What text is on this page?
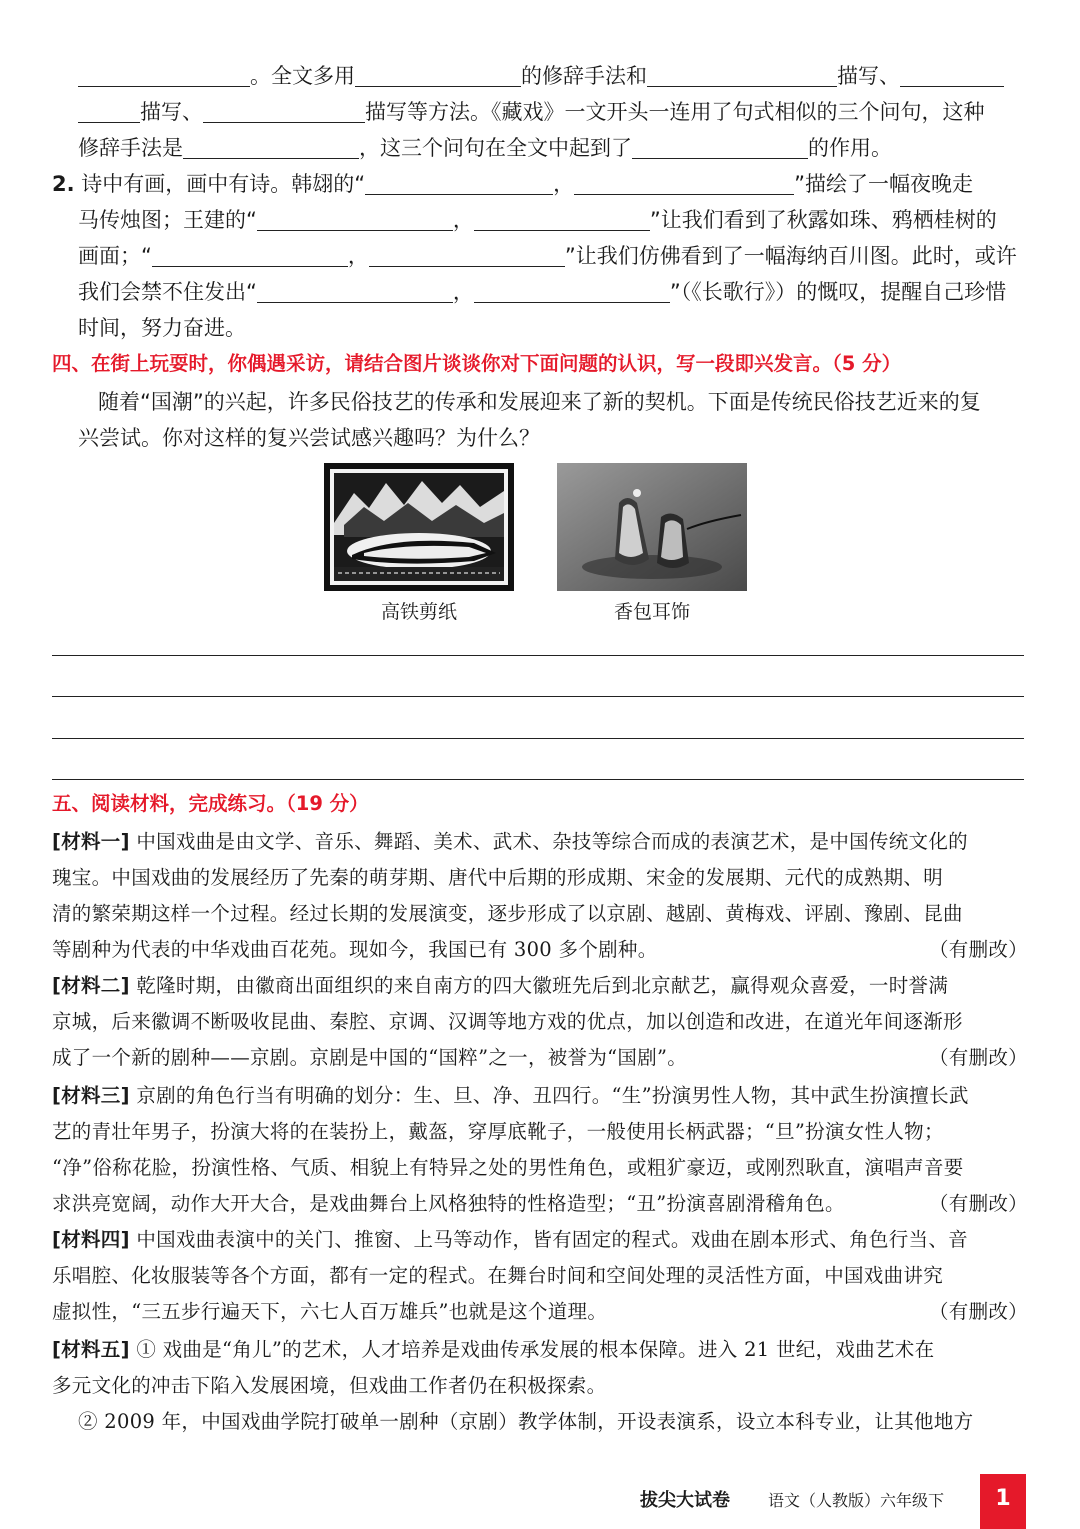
。全文多用	的修辞手法和	描写、
描写、	描写等方法。《藏戏》一文开头一连用了句式相似的三个问句，这种
修辞手法是	，这三个问句在全文中起到了	的作用。
2. 诗中有画，画中有诗。韩翃的“	，	”描绘了一幅夜晚走
马传烛图；王建的“	，	”让我们看到了秋露如珠、鸦栖桂树的
画面；“	，	”让我们仿佛看到了一幅海纳百川图。此时，或许
我们会禁不住发出“	，	”（《长歌行》）的慨叹，提醒自己珍惜
时间，努力奋进。
四、在街上玩耍时，你偶遇采访，请结合图片谈谈你对下面问题的认识，写一段即兴发言。（5 分）
随着“国潮”的兴起，许多民俗技艺的传承和发展迎来了新的契机。下面是传统民俗技艺近来的复
兴尝试。你对这样的复兴尝试感兴趣吗？为什么？
高铁剪纸	香包耳饰
五、阅读材料，完成练习。（19 分）
[材料一] 中国戏曲是由文学、音乐、舞蹈、美术、武术、杂技等综合而成的表演艺术，是中国传统文化的
瑰宝。中国戏曲的发展经历了先秦的萌芽期、唐代中后期的形成期、宋金的发展期、元代的成熟期、明
清的繁荣期这样一个过程。经过长期的发展演变，逐步形成了以京剧、越剧、黄梅戏、评剧、豫剧、昆曲
等剧种为代表的中华戏曲百花苑。现如今，我国已有 300 多个剧种。	（有删改）
[材料二] 乾隆时期，由徽商出面组织的来自南方的四大徽班先后到北京献艺，赢得观众喜爱，一时誉满
京城，后来徽调不断吸收昆曲、秦腔、京调、汉调等地方戏的优点，加以创造和改进，在道光年间逐渐形
成了一个新的剧种——京剧。京剧是中国的“国粹”之一，被誉为“国剧”。	（有删改）
[材料三] 京剧的角色行当有明确的划分：生、旦、净、丑四行。“生”扮演男性人物，其中武生扮演擅长武
艺的青壮年男子，扮演大将的在装扮上，戴盔，穿厚底靴子，一般使用长柄武器；“旦”扮演女性人物；
“净”俗称花脸，扮演性格、气质、相貌上有特异之处的男性角色，或粗犷豪迈，或刚烈耿直，演唱声音要
求洪亮宽阔，动作大开大合，是戏曲舞台上风格独特的性格造型；“丑”扮演喜剧滑稽角色。	（有删改）
[材料四] 中国戏曲表演中的关门、推窗、上马等动作，皆有固定的程式。戏曲在剧本形式、角色行当、音
乐唱腔、化妆服装等各个方面，都有一定的程式。在舞台时间和空间处理的灵活性方面，中国戏曲讲究
虚拟性，“三五步行遍天下，六七人百万雄兵”也就是这个道理。	（有删改）
[材料五] ① 戏曲是“角儿”的艺术，人才培养是戏曲传承发展的根本保障。进入 21 世纪，戏曲艺术在
多元文化的冲击下陷入发展困境，但戏曲工作者仍在积极探索。
② 2009 年，中国戏曲学院打破单一剧种（京剧）教学体制，开设表演系，设立本科专业，让其他地方
拔尖大试卷 语文（人教版）六年级下	1
